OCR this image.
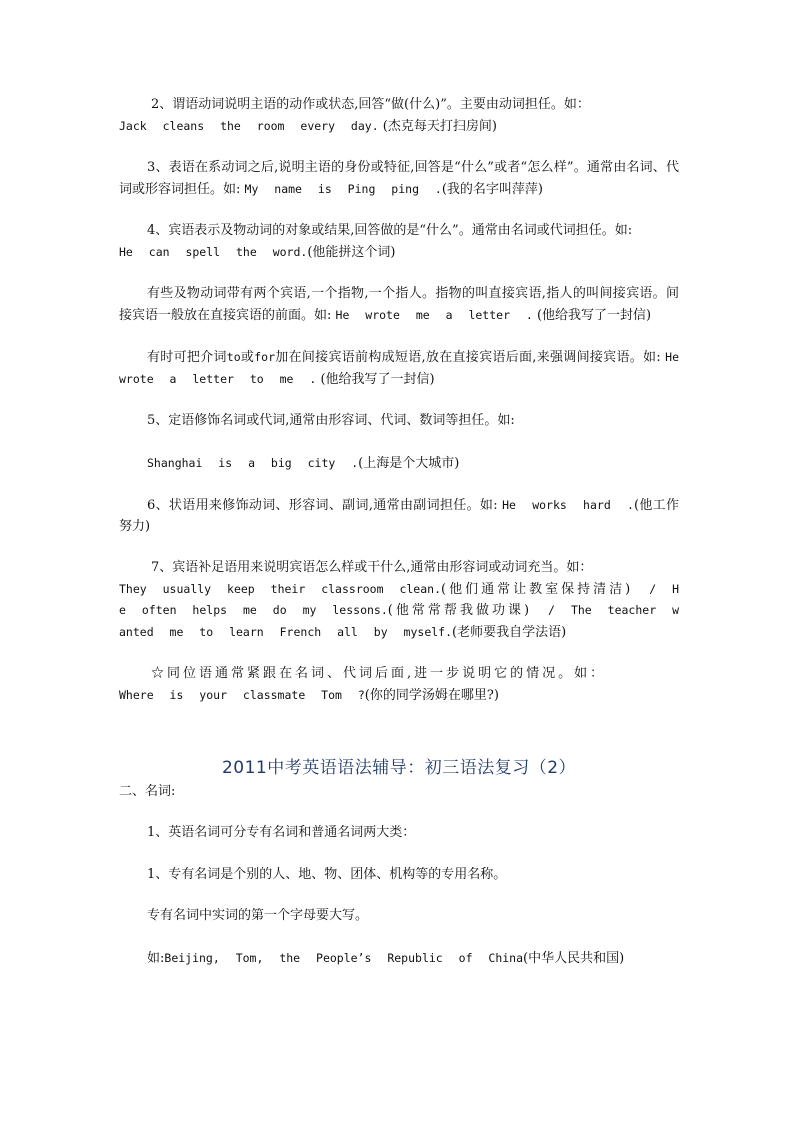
2、谓语动词说明主语的动作或状态,回答“做(什么)”。主要由动词担任。如：
Jack cleans the room every day. (杰克每天打扫房间)

3、表语在系动词之后,说明主语的身份或特征,回答是“什么”或者“怎么样”。通常由名词、代词或形容词担任。如: My name is Ping ping .(我的名字叫萍萍)

4、宾语表示及物动词的对象或结果,回答做的是“什么”。通常由名词或代词担任。如:
He can spell the word.(他能拼这个词)

有些及物动词带有两个宾语,一个指物,一个指人。指物的叫直接宾语,指人的叫间接宾语。间接宾语一般放在直接宾语的前面。如: He wrote me a letter . (他给我写了一封信)

有时可把介词to或for加在间接宾语前构成短语,放在直接宾语后面,来强调间接宾语。如: He wrote a letter to me . (他给我写了一封信)

5、定语修饰名词或代词,通常由形容词、代词、数词等担任。如:

Shanghai is a big city .(上海是个大城市)

6、状语用来修饰动词、形容词、副词,通常由副词担任。如: He works hard .(他工作努力)

7、宾语补足语用来说明宾语怎么样或干什么,通常由形容词或动词充当。如：
They usually keep their classroom clean.(他们通常让教室保持清洁) / He often helps me do my lessons.(他常常帮我做功课) / The teacher wanted me to learn French all by myself.(老师要我自学法语)

☆同位语通常紧跟在名词、代词后面,进一步说明它的情况。如：
Where is your classmate Tom ?(你的同学汤姆在哪里?)

2011中考英语语法辅导：初三语法复习（2）
二、名词:

1、英语名词可分专有名词和普通名词两大类：

1、专有名词是个别的人、地、物、团体、机构等的专用名称。

专有名词中实词的第一个字母要大写。

如:Beijing, Tom, the People’s Republic of China(中华人民共和国)
